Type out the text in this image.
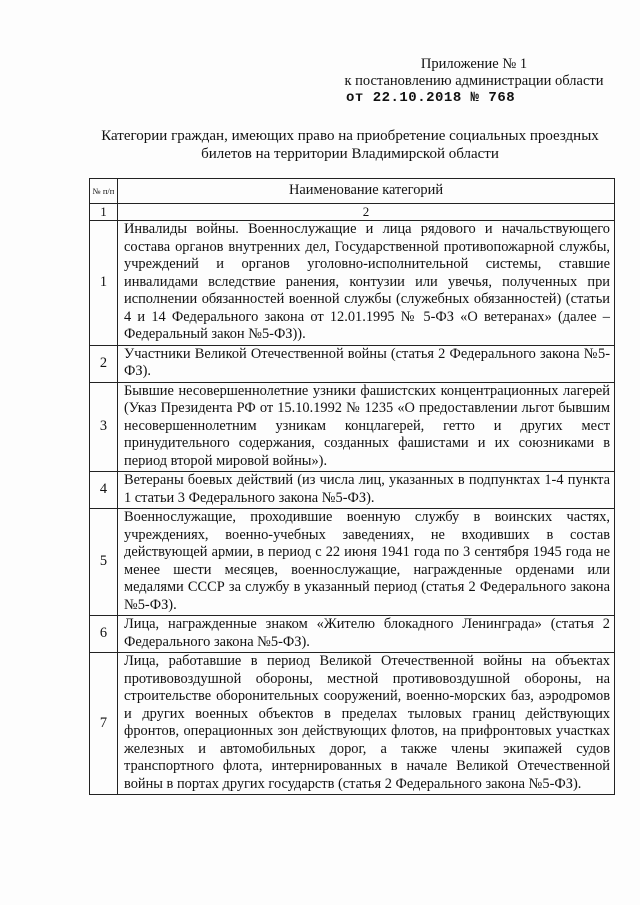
Приложение № 1
к постановлению администрации области
от 22.10.2018 № 768
Категории граждан, имеющих право на приобретение социальных проездных билетов на территории Владимирской области
№ п/п	Наименование категорий
1	2
1	Инвалиды войны. Военнослужащие и лица рядового и начальствующего состава органов внутренних дел, Государственной противопожарной службы, учреждений и органов уголовно-исполнительной системы, ставшие инвалидами вследствие ранения, контузии или увечья, полученных при исполнении обязанностей военной службы (служебных обязанностей) (статьи 4 и 14 Федерального закона от 12.01.1995 № 5-ФЗ «О ветеранах» (далее – Федеральный закон №5-ФЗ)).
2	Участники Великой Отечественной войны (статья 2 Федерального закона №5-ФЗ).
3	Бывшие несовершеннолетние узники фашистских концентрационных лагерей (Указ Президента РФ от 15.10.1992 № 1235 «О предоставлении льгот бывшим несовершеннолетним узникам концлагерей, гетто и других мест принудительного содержания, созданных фашистами и их союзниками в период второй мировой войны»).
4	Ветераны боевых действий (из числа лиц, указанных в подпунктах 1-4 пункта 1 статьи 3 Федерального закона №5-ФЗ).
5	Военнослужащие, проходившие военную службу в воинских частях, учреждениях, военно-учебных заведениях, не входивших в состав действующей армии, в период с 22 июня 1941 года по 3 сентября 1945 года не менее шести месяцев, военнослужащие, награжденные орденами или медалями СССР за службу в указанный период (статья 2 Федерального закона №5-ФЗ).
6	Лица, награжденные знаком «Жителю блокадного Ленинграда» (статья 2 Федерального закона №5-ФЗ).
7	Лица, работавшие в период Великой Отечественной войны на объектах противовоздушной обороны, местной противовоздушной обороны, на строительстве оборонительных сооружений, военно-морских баз, аэродромов и других военных объектов в пределах тыловых границ действующих фронтов, операционных зон действующих флотов, на прифронтовых участках железных и автомобильных дорог, а также члены экипажей судов транспортного флота, интернированных в начале Великой Отечественной войны в портах других государств (статья 2 Федерального закона №5-ФЗ).
